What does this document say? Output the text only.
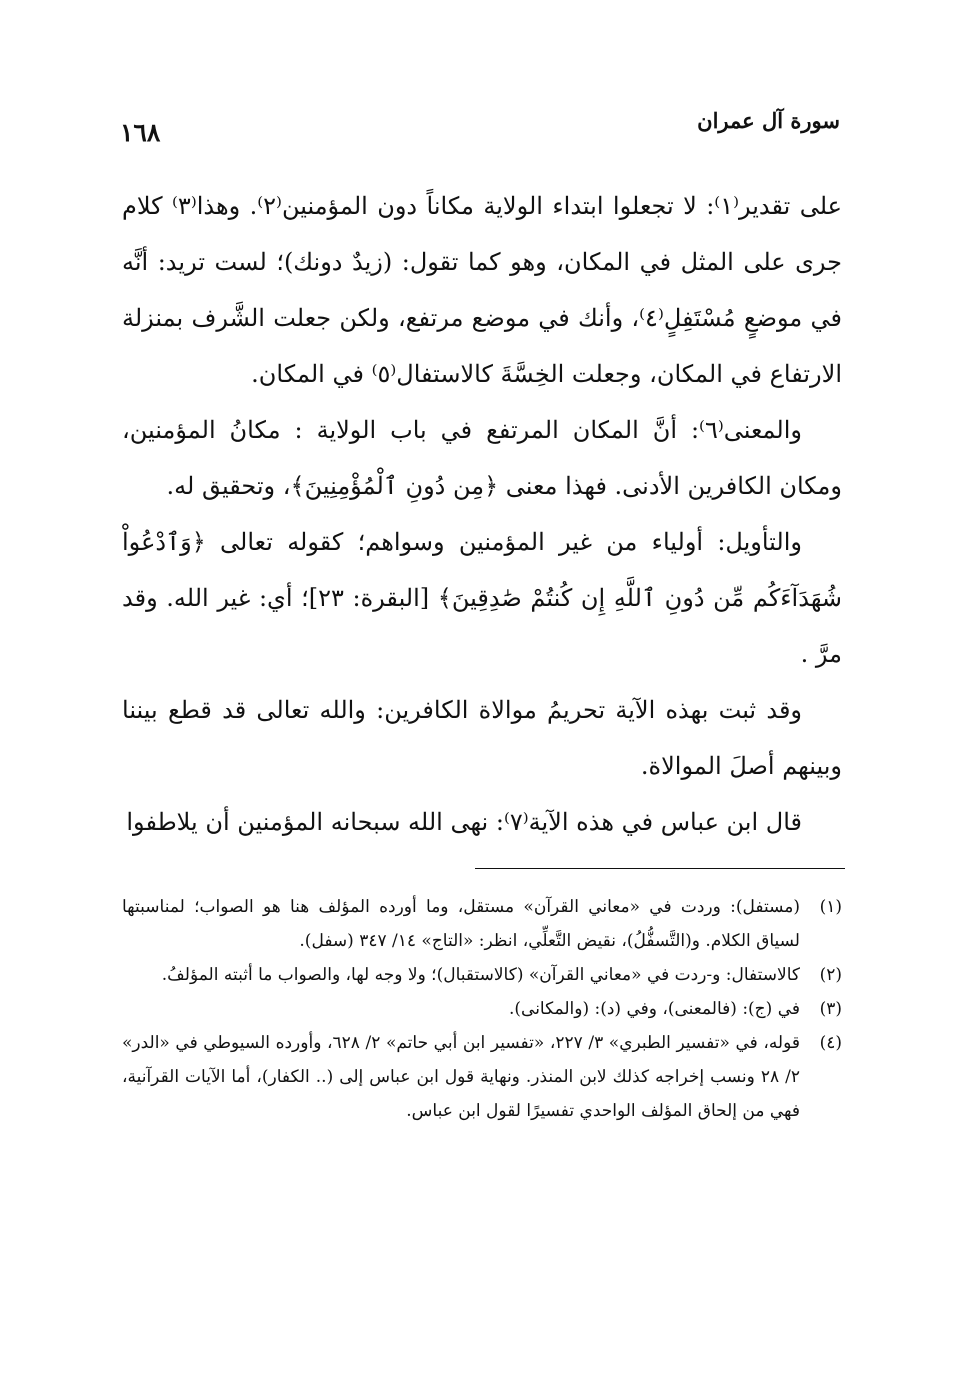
سورة آل عمران
١٦٨

على تقدير⁽١⁾: لا تجعلوا ابتداء الولاية مكاناً دون المؤمنين⁽٢⁾. وهذا⁽٣⁾ كلام جرى على المثل في المكان، وهو كما تقول: (زيدٌ دونك)؛ لست تريد: أنَّه في موضعٍ مُسْتَفِلٍ⁽٤⁾، وأنك في موضع مرتفع، ولكن جعلت الشَّرف بمنزلة الارتفاع في المكان، وجعلت الخِسَّةَ كالاستفال⁽٥⁾ في المكان.

والمعنى⁽٦⁾: أنَّ المكان المرتفع في باب الولاية : مكانُ المؤمنين، ومكان الكافرين الأدنى. فهذا معنى ﴿مِن دُونِ ٱلْمُؤْمِنِينَ﴾، وتحقيق له.

والتأويل: أولياء من غير المؤمنين وسواهم؛ كقوله تعالى ﴿وَٱدْعُواْ شُهَدَآءَكُم مِّن دُونِ ٱللَّهِ إِن كُنتُمْ صَٰدِقِينَ﴾ [البقرة: ٢٣]؛ أي: غير الله. وقد مرَّ .

وقد ثبت بهذه الآية تحريمُ موالاة الكافرين: والله تعالى قد قطع بيننا وبينهم أصلَ الموالاة.

قال ابن عباس في هذه الآية⁽٧⁾: نهى الله سبحانه المؤمنين أن يلاطفوا

(١)
(مستفل): وردت في «معاني القرآن» مستقل، وما أورده المؤلف هنا هو الصواب؛ لمناسبتها لسياق الكلام. و(التَّسفُّلُ)، نقيض التَّعلِّي، انظر: «التاج» ١٤/ ٣٤٧ (سفل).
(٢)
كالاستفال: و-ردت في «معاني القرآن» (كالاستقبال)؛ ولا وجه لها، والصواب ما أثبته المؤلفُ.
(٣)
في (ج): (فالمعنى)، وفي (د): (والمكانى).
(٤)
قوله، في «تفسير الطبري» ٣/ ٢٢٧، «تفسير ابن أبي حاتم» ٢/ ٦٢٨، وأورده السيوطي في «الدر» ٢/ ٢٨ ونسب إخراجه كذلك لابن المنذر. ونهاية قول ابن عباس إلى (.. الكفار)، أما الآيات القرآنية، فهي من إلحاق المؤلف الواحدي تفسيرًا لقول ابن عباس.
